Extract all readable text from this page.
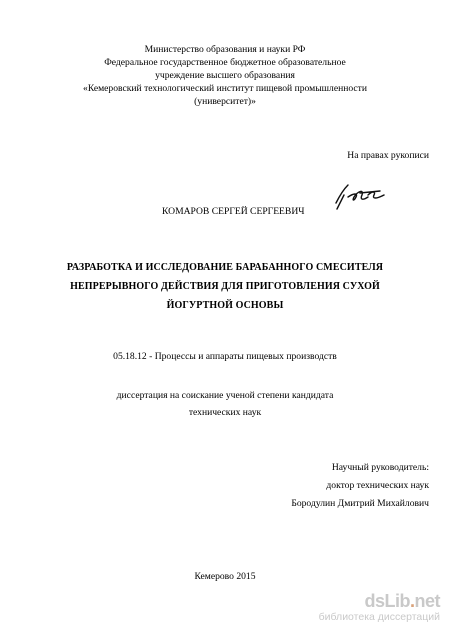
Министерство образования и науки РФ
Федеральное государственное бюджетное образовательное
учреждение высшего образования
«Кемеровский технологический институт пищевой промышленности
(университет)»
На правах рукописи
КОМАРОВ СЕРГЕЙ СЕРГЕЕВИЧ
РАЗРАБОТКА И ИССЛЕДОВАНИЕ БАРАБАННОГО СМЕСИТЕЛЯ
НЕПРЕРЫВНОГО ДЕЙСТВИЯ ДЛЯ ПРИГОТОВЛЕНИЯ СУХОЙ
ЙОГУРТНОЙ ОСНОВЫ
05.18.12 - Процессы и аппараты пищевых производств
диссертация на соискание ученой степени кандидата
технических наук
Научный руководитель:
доктор технических наук
Бородулин Дмитрий Михайлович
Кемерово 2015
dsLib.net
библиотека диссертаций
